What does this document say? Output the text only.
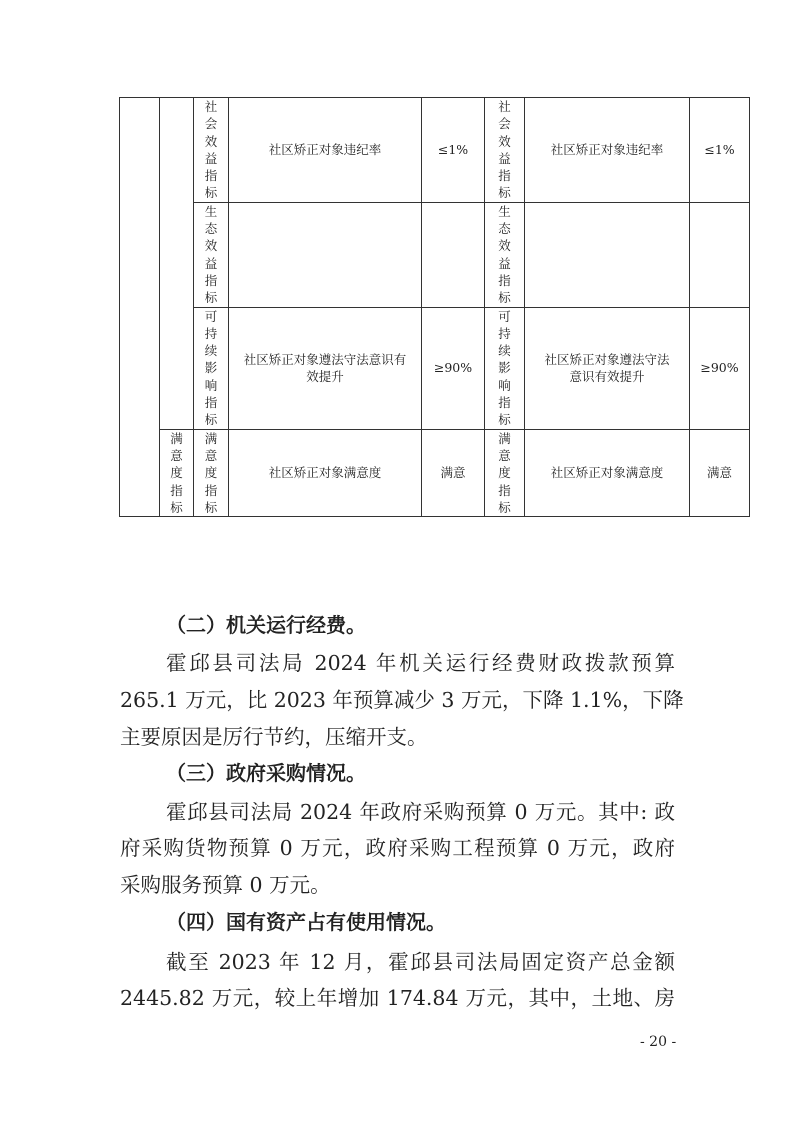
		社会效益指标	社区矫正对象违纪率	≤1%	社会效益指标	社区矫正对象违纪率	≤1%
		生态效益指标			生态效益指标		
		可持续影响指标	社区矫正对象遵法守法意识有效提升	≥90%	可持续影响指标	社区矫正对象遵法守法意识有效提升	≥90%
	满意度指标	满意度指标	社区矫正对象满意度	满意	满意度指标	社区矫正对象满意度	满意
（二）机关运行经费。
霍邱县司法局 2024 年机关运行经费财政拨款预算
265.1 万元，比 2023 年预算减少 3 万元，下降 1.1%，下降
主要原因是厉行节约，压缩开支。
（三）政府采购情况。
霍邱县司法局 2024 年政府采购预算 0 万元。其中: 政
府采购货物预算 0 万元，政府采购工程预算 0 万元，政府
采购服务预算 0 万元。
（四）国有资产占有使用情况。
截至 2023 年 12 月，霍邱县司法局固定资产总金额
2445.82 万元，较上年增加 174.84 万元，其中，土地、房
- 20 -
